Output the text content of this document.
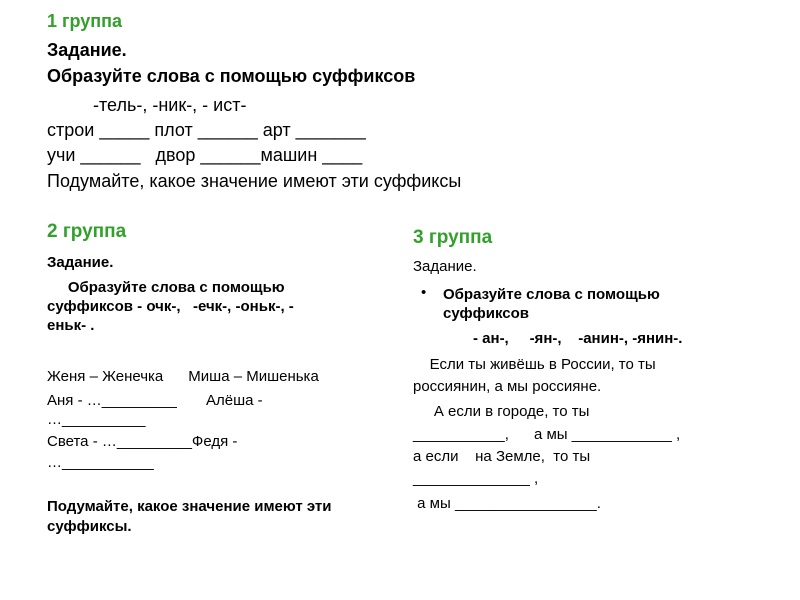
1 группа
Задание.
Образуйте слова с помощью суффиксов
-тель-, -ник-, - ист-
строи _____ плот ______ арт _______
учи ______   двор ______машин ____
Подумайте, какое значение имеют эти суффиксы
2 группа
Задание.
Образуйте слова с помощью
суффиксов - очк-,   -ечк-, -оньк-, -
еньк- .
Женя – Женечка      Миша – Мишенька
Аня - …_________       Алёша -
…__________
Света - …_________Федя -
…___________
Подумайте, какое значение имеют эти
суффиксы.
3 группа
Задание.
• Образуйте слова с помощью
суффиксов
- ан-,     -ян-,    -анин-, -янин-.
Если ты живёшь в России, то ты
россиянин, а мы россияне.
А если в городе, то ты
___________,      а мы ____________ ,
а если    на Земле,  то ты
______________ ,
а мы _________________.
